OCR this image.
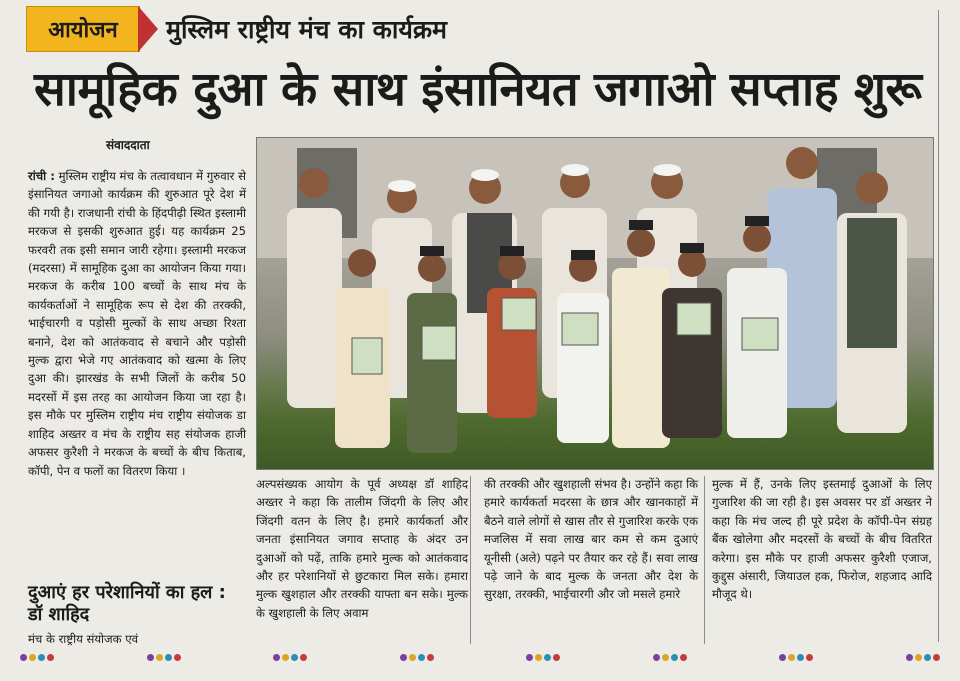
आयोजन	मुस्लिम राष्ट्रीय मंच का कार्यक्रम
सामूहिक दुआ के साथ इंसानियत जगाओ सप्ताह शुरू
संवाददाता
रांची : मुस्लिम राष्ट्रीय मंच के तत्वावधान में गुरुवार से इंसानियत जगाओ कार्यक्रम की शुरुआत पूरे देश में की गयी है। राजधानी रांची के हिंदपीढ़ी स्थित इस्लामी मरकज से इसकी शुरुआत हुई। यह कार्यक्रम 25 फरवरी तक इसी समान जारी रहेगा। इस्लामी मरकज (मदरसा) में सामूहिक दुआ का आयोजन किया गया। मरकज के करीब 100 बच्चों के साथ मंच के कार्यकर्ताओं ने सामूहिक रूप से देश की तरक्की, भाईचारगी व पड़ोसी मुल्कों के साथ अच्छा रिश्ता बनाने, देश को आतंकवाद से बचाने और पड़ोसी मुल्क द्वारा भेजे गए आतंकवाद को खत्मा के लिए दुआ की। झारखंड के सभी जिलों के करीब 50 मदरसों में इस तरह का आयोजन किया जा रहा है। इस मौके पर मुस्लिम राष्ट्रीय मंच राष्ट्रीय संयोजक डा शाहिद अख्तर व मंच के राष्ट्रीय सह संयोजक हाजी अफसर कुरैशी ने मरकज के बच्चों के बीच किताब, कॉपी, पेन व फलों का वितरण किया ।
दुआएं हर परेशानियों का हल : डॉ शाहिद
मंच के राष्ट्रीय संयोजक एवं
अल्पसंख्यक आयोग के पूर्व अध्यक्ष डॉ शाहिद अख्तर ने कहा कि तालीम जिंदगी के लिए और जिंदगी वतन के लिए है। हमारे कार्यकर्ता और जनता इंसानियत जगाव सप्ताह के अंदर उन दुआओं को पढ़ें, ताकि हमारे मुल्क को आतंकवाद और हर परेशानियों से छुटकारा मिल सके। हमारा मुल्क खुशहाल और तरक्की याफ्ता बन सके। मुल्क के खुशहाली के लिए अवाम
की तरक्की और खुशहाली संभव है। उन्होंने कहा कि हमारे कार्यकर्ता मदरसा के छात्र और खानकाहों में बैठने वाले लोगों से खास तौर से गुजारिश करके एक मजलिस में सवा लाख बार कम से कम दुआएं यूनीसी (अले) पढ़ने पर तैयार कर रहे हैं। सवा लाख पढ़े जाने के बाद मुल्क के जनता और देश के सुरक्षा, तरक्की, भाईचारगी और जो मसले हमारे
मुल्क में हैं, उनके लिए इस्तमाई दुआओं के लिए गुजारिश की जा रही है। इस अवसर पर डॉ अख्तर ने कहा कि मंच जल्द ही पूरे प्रदेश के कॉपी-पेन संग्रह बैंक खोलेगा और मदरसों के बच्चों के बीच वितरित करेगा। इस मौके पर हाजी अफसर कुरैशी एजाज, कुद्दुस अंसारी, जियाउल हक, फिरोज, शहजाद आदि मौजूद थे।
